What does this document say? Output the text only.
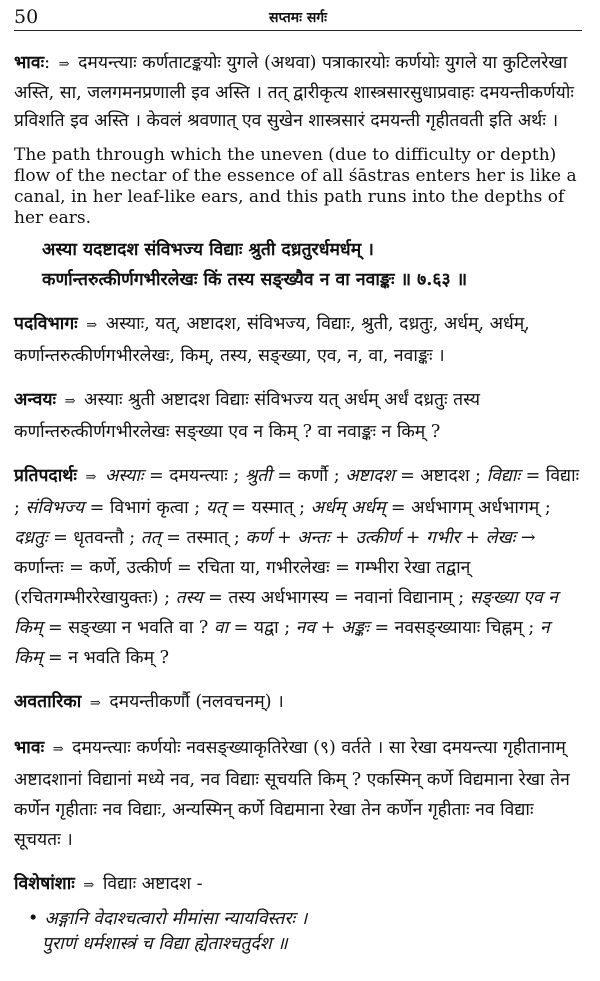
50	सप्तमः सर्गः

भावः: ⇒ दमयन्त्याः कर्णताटङ्कयोः युगले (अथवा) पत्राकारयोः कर्णयोः युगले या कुटिलरेखा अस्ति, सा, जलगमनप्रणाली इव अस्ति । तत् द्वारीकृत्य शास्त्रसारसुधाप्रवाहः दमयन्तीकर्णयोः प्रविशति इव अस्ति । केवलं श्रवणात् एव सुखेन शास्त्रसारं दमयन्ती गृहीतवती इति अर्थः ।

The path through which the uneven (due to difficulty or depth) flow of the nectar of the essence of all śāstras enters her is like a canal, in her leaf-like ears, and this path runs into the depths of her ears.

अस्या यदष्टादश संविभज्य विद्याः श्रुती दध्रतुरर्धमर्धम् ।

कर्णान्तरुत्कीर्णगभीरलेखः किं तस्य सङ्ख्यैव न वा नवाङ्कः ॥ ७.६३ ॥

पदविभागः ⇒ अस्याः, यत्, अष्टादश, संविभज्य, विद्याः, श्रुती, दध्रतुः, अर्धम्, अर्धम्, कर्णान्तरुत्कीर्णगभीरलेखः, किम्, तस्य, सङ्ख्या, एव, न, वा, नवाङ्कः ।

अन्वयः ⇒ अस्याः श्रुती अष्टादश विद्याः संविभज्य यत् अर्धम् अर्धं दध्रतुः तस्य कर्णान्तरुत्कीर्णगभीरलेखः सङ्ख्या एव न किम् ? वा नवाङ्कः न किम् ?

प्रतिपदार्थः ⇒ अस्याः = दमयन्त्याः ; श्रुती = कर्णौ ; अष्टादश = अष्टादश ; विद्याः = विद्याः ; संविभज्य = विभागं कृत्वा ; यत् = यस्मात् ; अर्धम् अर्धम् = अर्धभागम् अर्धभागम् ; दध्रतुः = धृतवन्तौ ; तत् = तस्मात् ; कर्ण + अन्तः + उत्कीर्ण + गभीर + लेखः → कर्णान्तः = कर्णे, उत्कीर्ण = रचिता या, गभीरलेखः = गम्भीरा रेखा तद्वान् (रचितगम्भीररेखायुक्तः) ; तस्य = तस्य अर्धभागस्य = नवानां विद्यानाम् ; सङ्ख्या एव न किम् = सङ्ख्या न भवति वा ? वा = यद्वा ; नव + अङ्कः = नवसङ्ख्यायाः चिह्नम् ; न किम् = न भवति किम् ?

अवतारिका ⇒ दमयन्तीकर्णौ (नलवचनम्) ।

भावः ⇒ दमयन्त्याः कर्णयोः नवसङ्ख्याकृतिरेखा (९) वर्तते । सा रेखा दमयन्त्या गृहीतानाम् अष्टादशानां विद्यानां मध्ये नव, नव विद्याः सूचयति किम् ? एकस्मिन् कर्णे विद्यमाना रेखा तेन कर्णेन गृहीताः नव विद्याः, अन्यस्मिन् कर्णे विद्यमाना रेखा तेन कर्णेन गृहीताः नव विद्याः सूचयतः ।

विशेषांशाः ⇒ विद्याः अष्टादश -

• अङ्गानि वेदाश्चत्वारो मीमांसा न्यायविस्तरः ।
पुराणं धर्मशास्त्रं च विद्या ह्येताश्चतुर्दश ॥
